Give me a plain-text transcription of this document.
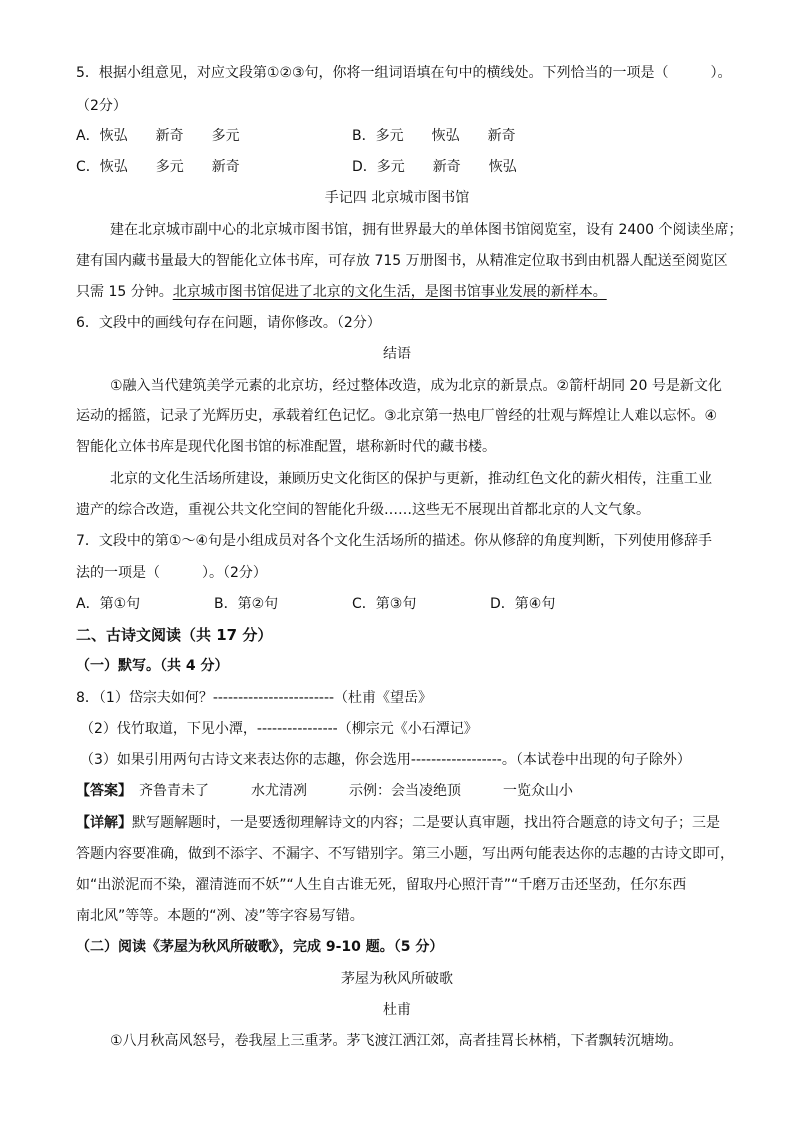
5．根据小组意见，对应文段第①②③句，你将一组词语填在句中的横线处。下列恰当的一项是（　　　）。
（2分）
A．恢弘　　新奇　　多元	B．多元　　恢弘　　新奇
C．恢弘　　多元　　新奇	D．多元　　新奇　　恢弘
手记四 北京城市图书馆
建在北京城市副中心的北京城市图书馆，拥有世界最大的单体图书馆阅览室，设有 2400 个阅读坐席；
建有国内藏书量最大的智能化立体书库，可存放 715 万册图书，从精准定位取书到由机器人配送至阅览区
只需 15 分钟。北京城市图书馆促进了北京的文化生活，是图书馆事业发展的新样本。
6．文段中的画线句存在问题，请你修改。（2分）
结语
①融入当代建筑美学元素的北京坊，经过整体改造，成为北京的新景点。②箭杆胡同 20 号是新文化
运动的摇篮，记录了光辉历史，承载着红色记忆。③北京第一热电厂曾经的壮观与辉煌让人难以忘怀。④
智能化立体书库是现代化图书馆的标准配置，堪称新时代的藏书楼。
北京的文化生活场所建设，兼顾历史文化街区的保护与更新，推动红色文化的薪火相传，注重工业
遗产的综合改造，重视公共文化空间的智能化升级……这些无不展现出首都北京的人文气象。
7．文段中的第①～④句是小组成员对各个文化生活场所的描述。你从修辞的角度判断，下列使用修辞手
法的一项是（　　　）。（2分）
A．第①句	B．第②句	C．第③句	D．第④句
二、古诗文阅读（共 17 分）
（一）默写。（共 4 分）
8．（1）岱宗夫如何？------------------------（杜甫《望岳》
（2）伐竹取道，下见小潭，----------------（柳宗元《小石潭记》
（3）如果引用两句古诗文来表达你的志趣，你会选用------------------。（本试卷中出现的句子除外）
【答案】　齐鲁青未了　　　水尤清冽　　　示例：会当凌绝顶　　　一览众山小
【详解】默写题解题时，一是要透彻理解诗文的内容；二是要认真审题，找出符合题意的诗文句子；三是
答题内容要准确，做到不添字、不漏字、不写错别字。第三小题，写出两句能表达你的志趣的古诗文即可，
如“出淤泥而不染，濯清涟而不妖”“人生自古谁无死，留取丹心照汗青”“千磨万击还坚劲，任尔东西
南北风”等等。本题的“冽、凌”等字容易写错。
（二）阅读《茅屋为秋风所破歌》，完成 9-10 题。（5 分）
茅屋为秋风所破歌
杜甫
①八月秋高风怒号，卷我屋上三重茅。茅飞渡江洒江郊，高者挂罥长林梢，下者飘转沉塘坳。
